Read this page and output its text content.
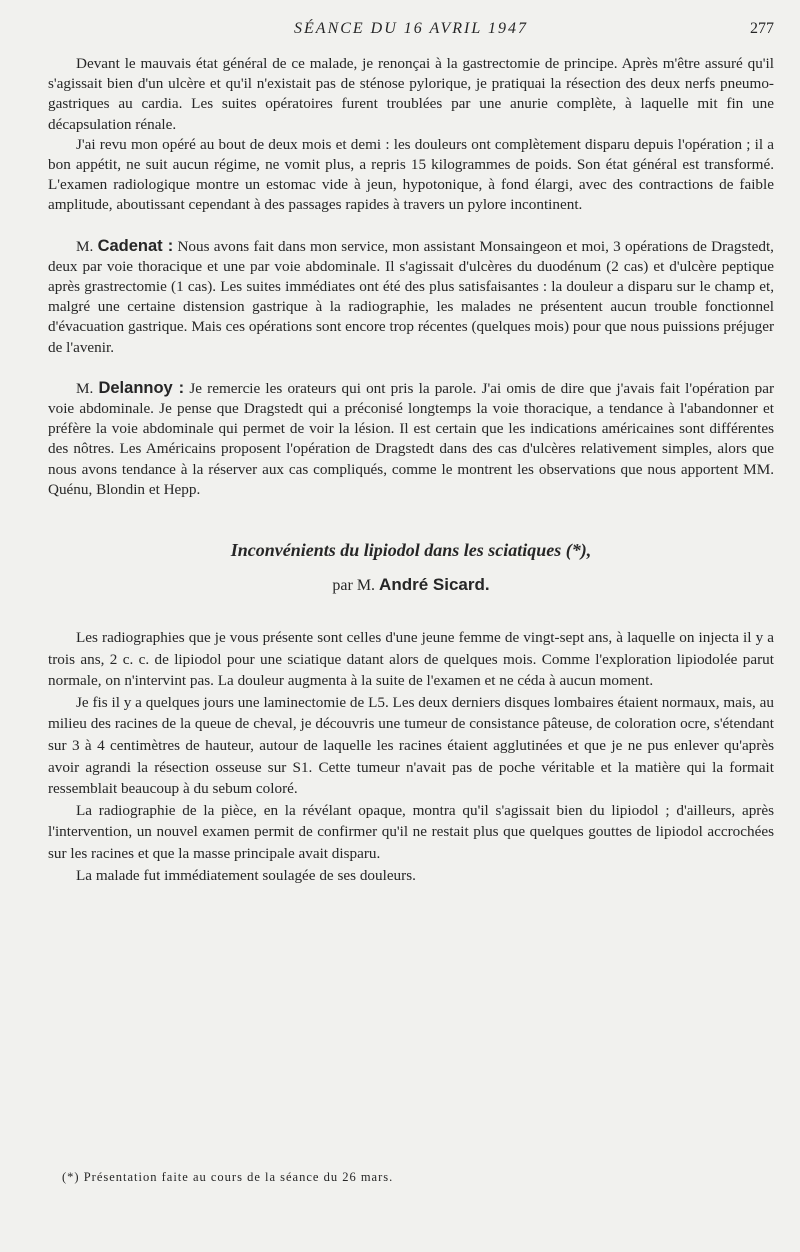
SÉANCE DU 16 AVRIL 1947	277

Devant le mauvais état général de ce malade, je renonçai à la gastrectomie de principe. Après m'être assuré qu'il s'agissait bien d'un ulcère et qu'il n'existait pas de sténose pylorique, je pratiquai la résection des deux nerfs pneumo-gastriques au cardia. Les suites opératoires furent troublées par une anurie complète, à laquelle mit fin une décapsulation rénale.

J'ai revu mon opéré au bout de deux mois et demi : les douleurs ont complètement disparu depuis l'opération ; il a bon appétit, ne suit aucun régime, ne vomit plus, a repris 15 kilogrammes de poids. Son état général est transformé. L'examen radiologique montre un estomac vide à jeun, hypotonique, à fond élargi, avec des contractions de faible amplitude, aboutissant cependant à des passages rapides à travers un pylore incontinent.

M. Cadenat : Nous avons fait dans mon service, mon assistant Monsaingeon et moi, 3 opérations de Dragstedt, deux par voie thoracique et une par voie abdominale. Il s'agissait d'ulcères du duodénum (2 cas) et d'ulcère peptique après grastrectomie (1 cas). Les suites immédiates ont été des plus satisfaisantes : la douleur a disparu sur le champ et, malgré une certaine distension gastrique à la radiographie, les malades ne présentent aucun trouble fonctionnel d'évacuation gastrique. Mais ces opérations sont encore trop récentes (quelques mois) pour que nous puissions préjuger de l'avenir.

M. Delannoy : Je remercie les orateurs qui ont pris la parole. J'ai omis de dire que j'avais fait l'opération par voie abdominale. Je pense que Dragstedt qui a préconisé longtemps la voie thoracique, a tendance à l'abandonner et préfère la voie abdominale qui permet de voir la lésion. Il est certain que les indications américaines sont différentes des nôtres. Les Américains proposent l'opération de Dragstedt dans des cas d'ulcères relativement simples, alors que nous avons tendance à la réserver aux cas compliqués, comme le montrent les observations que nous apportent MM. Quénu, Blondin et Hepp.

Inconvénients du lipiodol dans les sciatiques (*),

par M. André Sicard.

Les radiographies que je vous présente sont celles d'une jeune femme de vingt-sept ans, à laquelle on injecta il y a trois ans, 2 c. c. de lipiodol pour une sciatique datant alors de quelques mois. Comme l'exploration lipiodolée parut normale, on n'intervint pas. La douleur augmenta à la suite de l'examen et ne céda à aucun moment.

Je fis il y a quelques jours une laminectomie de L5. Les deux derniers disques lombaires étaient normaux, mais, au milieu des racines de la queue de cheval, je découvris une tumeur de consistance pâteuse, de coloration ocre, s'étendant sur 3 à 4 centimètres de hauteur, autour de laquelle les racines étaient agglutinées et que je ne pus enlever qu'après avoir agrandi la résection osseuse sur S1. Cette tumeur n'avait pas de poche véritable et la matière qui la formait ressemblait beaucoup à du sebum coloré.

La radiographie de la pièce, en la révélant opaque, montra qu'il s'agissait bien du lipiodol ; d'ailleurs, après l'intervention, un nouvel examen permit de confirmer qu'il ne restait plus que quelques gouttes de lipiodol accrochées sur les racines et que la masse principale avait disparu.

La malade fut immédiatement soulagée de ses douleurs.

(*) Présentation faite au cours de la séance du 26 mars.
